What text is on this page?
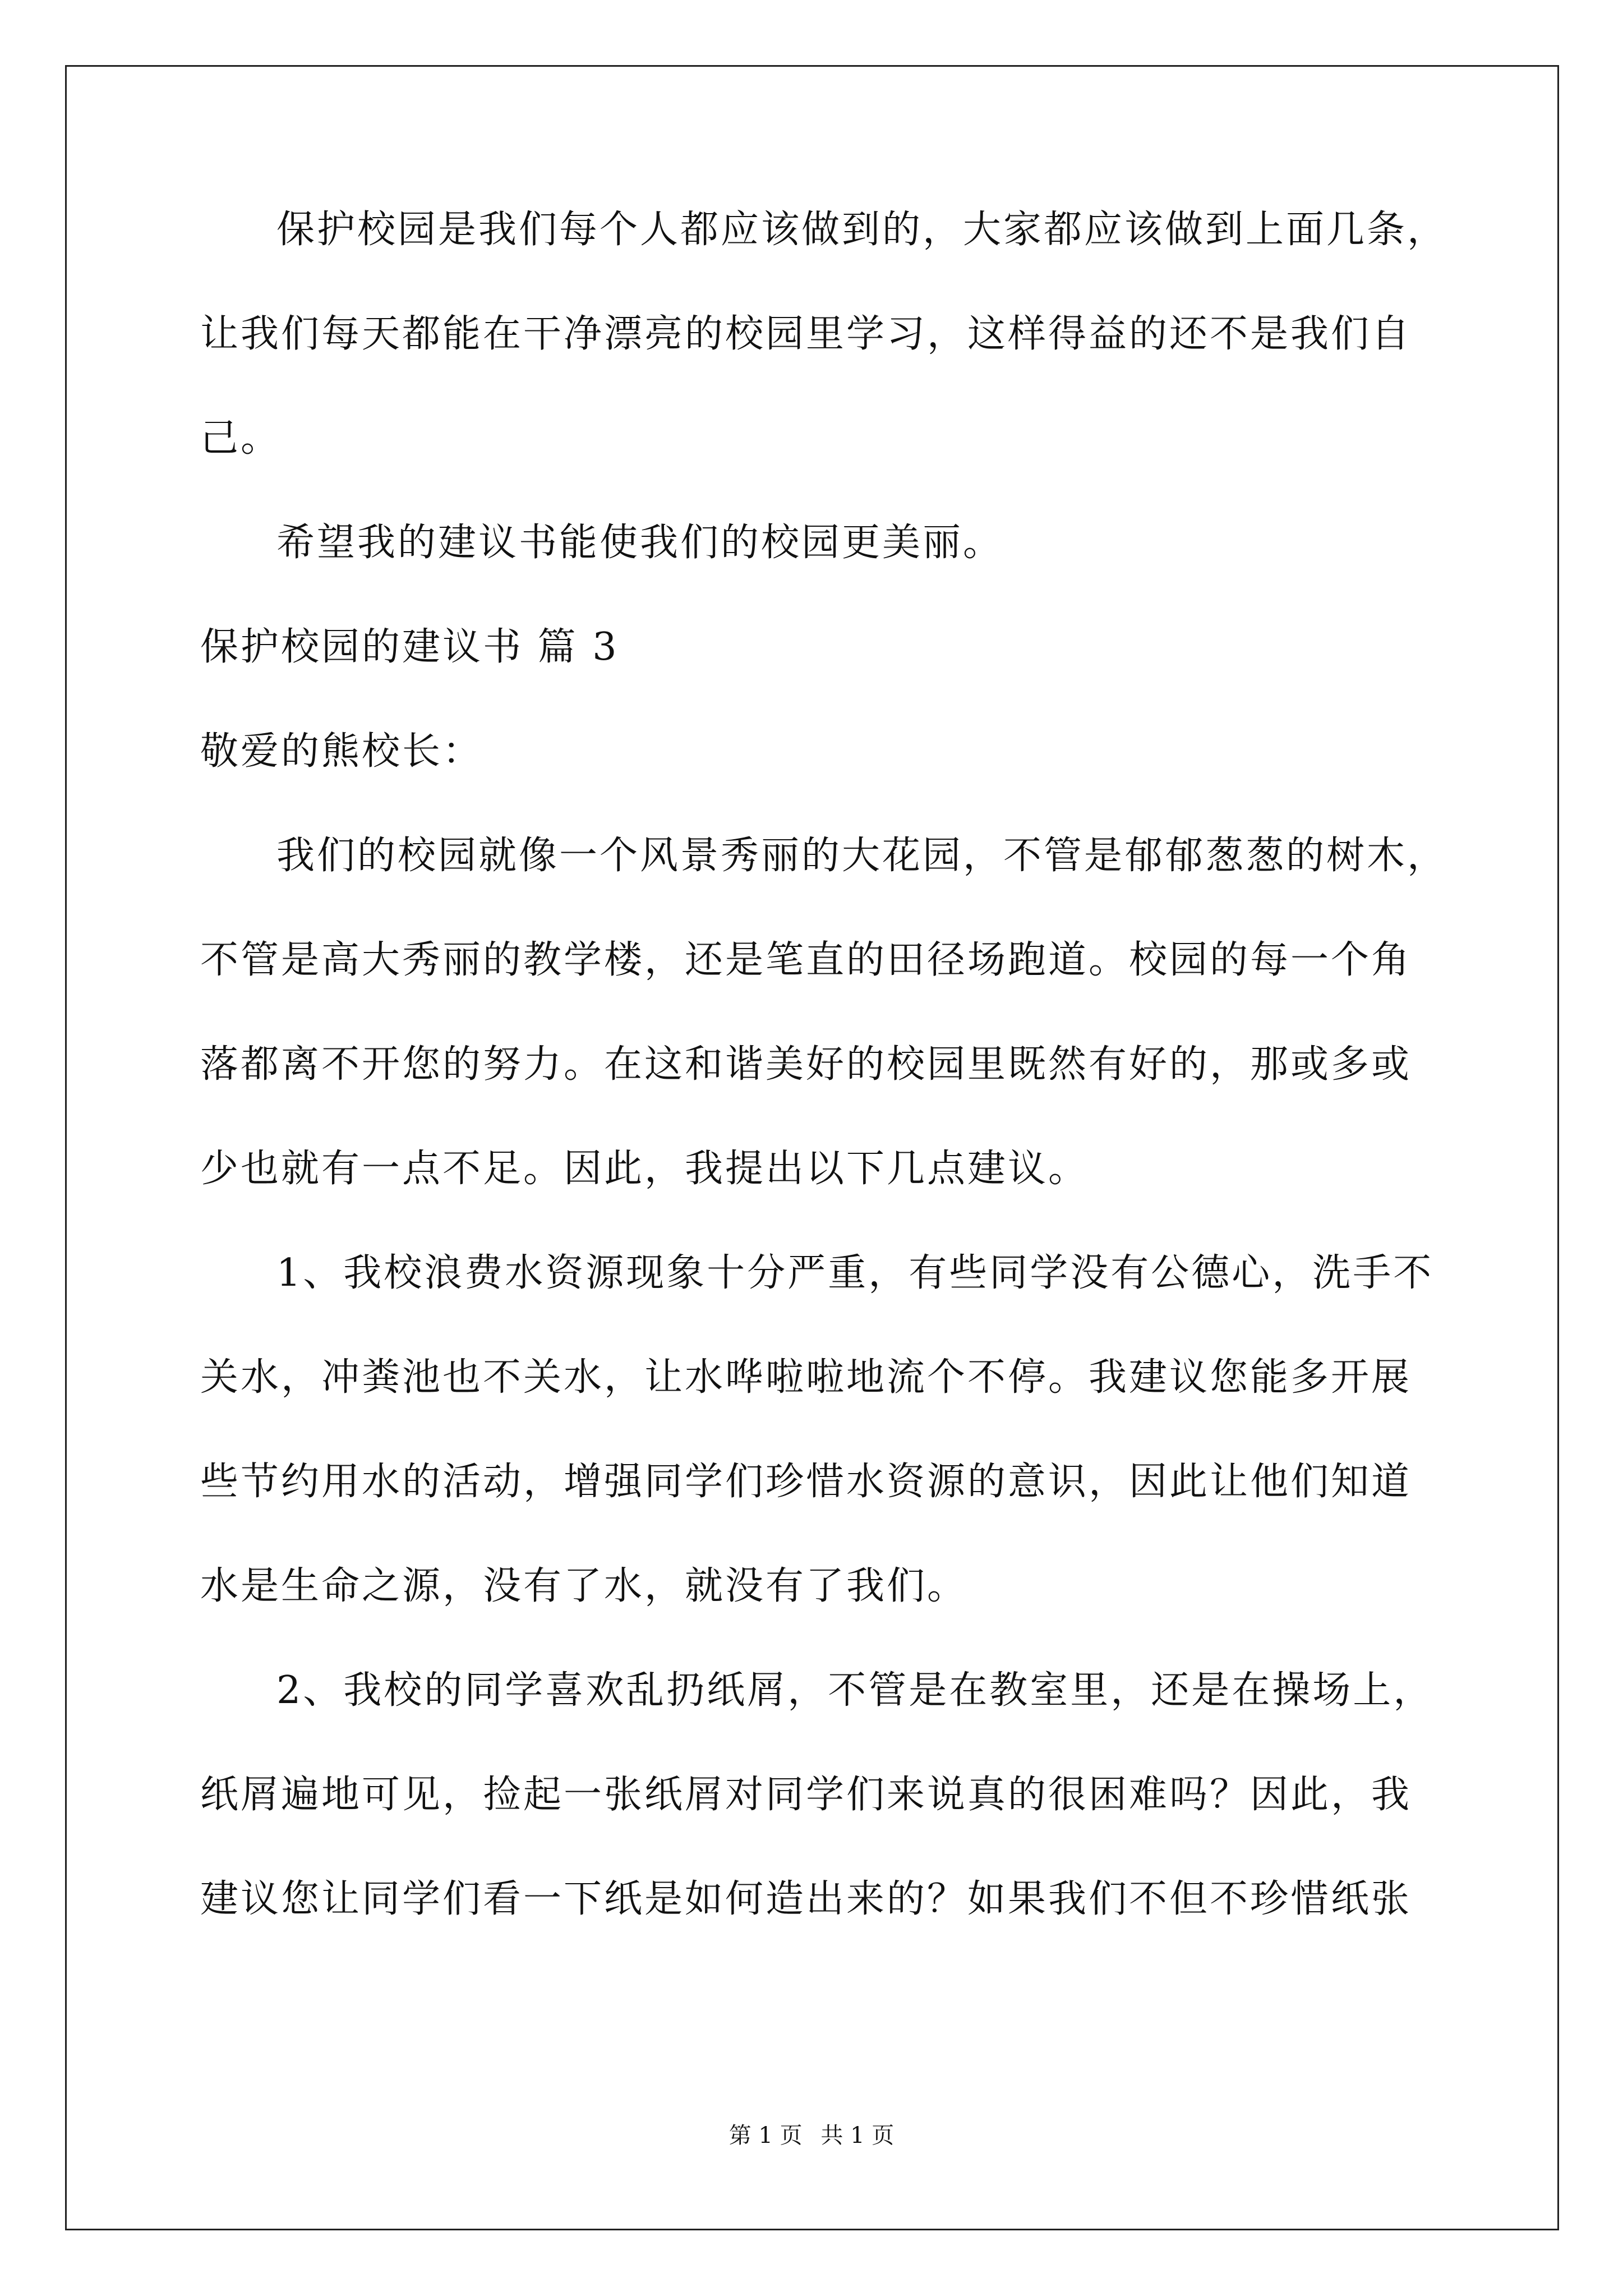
保护校园是我们每个人都应该做到的，大家都应该做到上面几条，
让我们每天都能在干净漂亮的校园里学习，这样得益的还不是我们自
己。
希望我的建议书能使我们的校园更美丽。
保护校园的建议书 篇 3
敬爱的熊校长：
我们的校园就像一个风景秀丽的大花园，不管是郁郁葱葱的树木，
不管是高大秀丽的教学楼，还是笔直的田径场跑道。校园的每一个角
落都离不开您的努力。在这和谐美好的校园里既然有好的，那或多或
少也就有一点不足。因此，我提出以下几点建议。
1、我校浪费水资源现象十分严重，有些同学没有公德心，洗手不
关水，冲粪池也不关水，让水哗啦啦地流个不停。我建议您能多开展
些节约用水的活动，增强同学们珍惜水资源的意识，因此让他们知道
水是生命之源，没有了水，就没有了我们。
2、我校的同学喜欢乱扔纸屑，不管是在教室里，还是在操场上，
纸屑遍地可见，捡起一张纸屑对同学们来说真的很困难吗？因此，我
建议您让同学们看一下纸是如何造出来的？如果我们不但不珍惜纸张
第 1 页 共 1 页
